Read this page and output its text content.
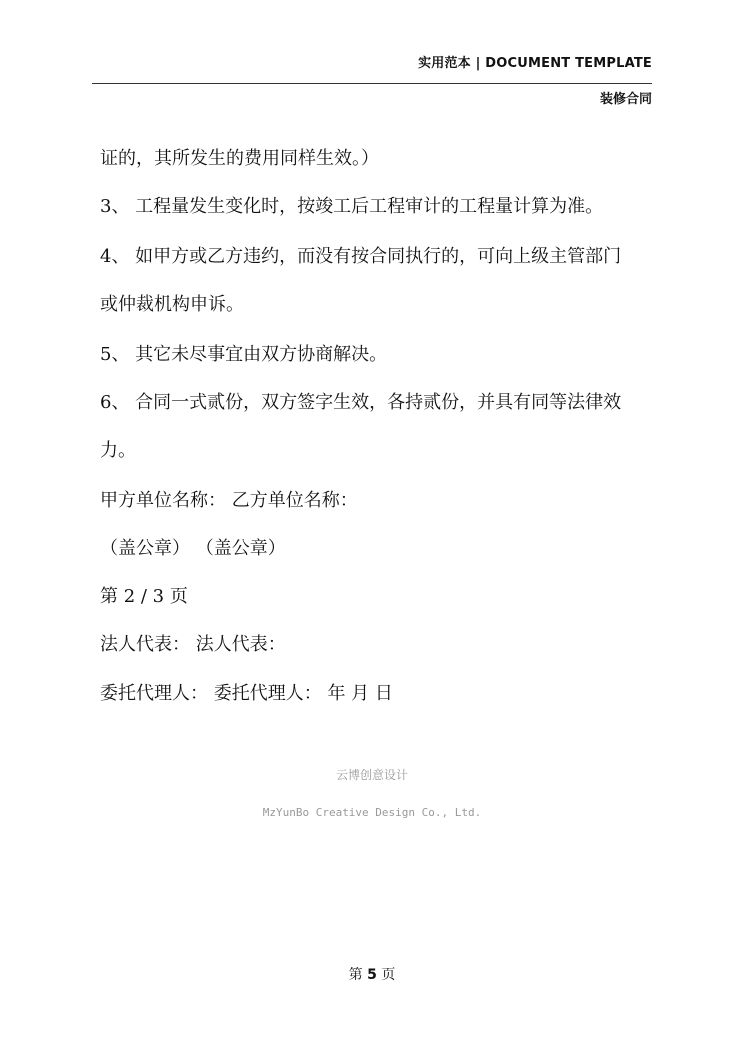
实用范本 | DOCUMENT TEMPLATE
装修合同
证的，其所发生的费用同样生效。）
3、 工程量发生变化时，按竣工后工程审计的工程量计算为准。
4、 如甲方或乙方违约，而没有按合同执行的，可向上级主管部门
或仲裁机构申诉。
5、 其它未尽事宜由双方协商解决。
6、 合同一式贰份，双方签字生效，各持贰份，并具有同等法律效
力。
甲方单位名称： 乙方单位名称：
（盖公章） （盖公章）
第 2 / 3 页
法人代表： 法人代表：
委托代理人： 委托代理人： 年 月 日
云博创意设计
MzYunBo Creative Design Co., Ltd.
第 5 页
